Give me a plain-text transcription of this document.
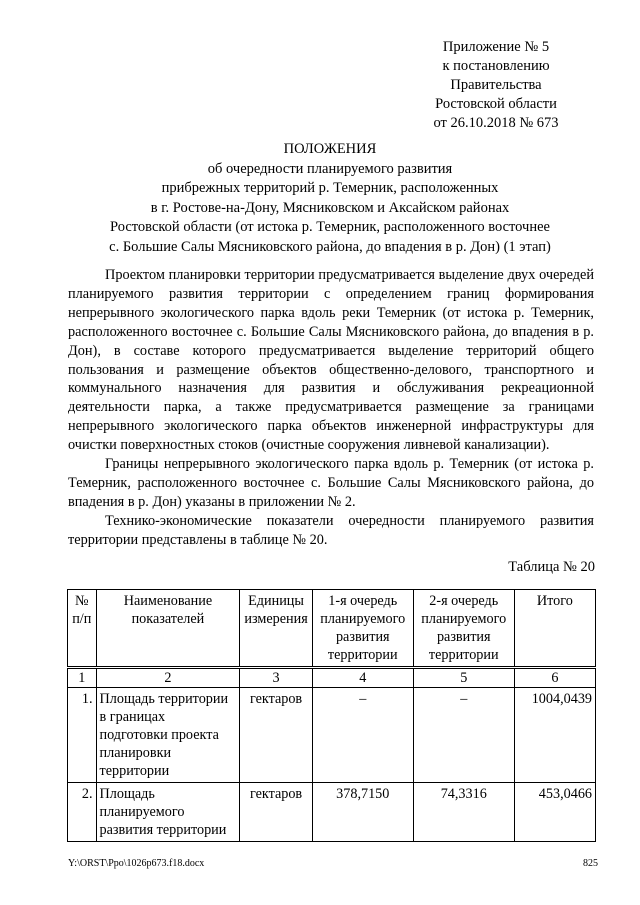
Приложение № 5
к постановлению
Правительства
Ростовской области
от 26.10.2018 № 673
ПОЛОЖЕНИЯ
об очередности планируемого развития
прибрежных территорий р. Темерник, расположенных
в г. Ростове-на-Дону, Мясниковском и Аксайском районах
Ростовской области (от истока р. Темерник, расположенного восточнее
с. Большие Салы Мясниковского района, до впадения в р. Дон) (1 этап)

Проектом планировки территории предусматривается выделение двух очередей планируемого развития территории с определением границ формирования непрерывного экологического парка вдоль реки Темерник (от истока р. Темерник, расположенного восточнее с. Большие Салы Мясниковского района, до впадения в р. Дон), в составе которого предусматривается выделение территорий общего пользования и размещение объектов общественно-делового, транспортного и коммунального назначения для развития и обслуживания рекреационной деятельности парка, а также предусматривается размещение за границами непрерывного экологического парка объектов инженерной инфраструктуры для очистки поверхностных стоков (очистные сооружения ливневой канализации).

Границы непрерывного экологического парка вдоль р. Темерник (от истока р. Темерник, расположенного восточнее с. Большие Салы Мясниковского района, до впадения в р. Дон) указаны в приложении № 2.

Технико-экономические показатели очередности планируемого развития территории представлены в таблице № 20.

Таблица № 20
№ п/п	Наименование показателей	Единицы измерения	1-я очередь планируемого развития территории	2-я очередь планируемого развития территории	Итого
1	2	3	4	5	6
1.	Площадь территории в границах подготовки проекта планировки территории	гектаров	–	–	1004,0439
2.	Площадь планируемого развития территории	гектаров	378,7150	74,3316	453,0466
Y:\ORST\Ppo\1026p673.f18.docx	825
